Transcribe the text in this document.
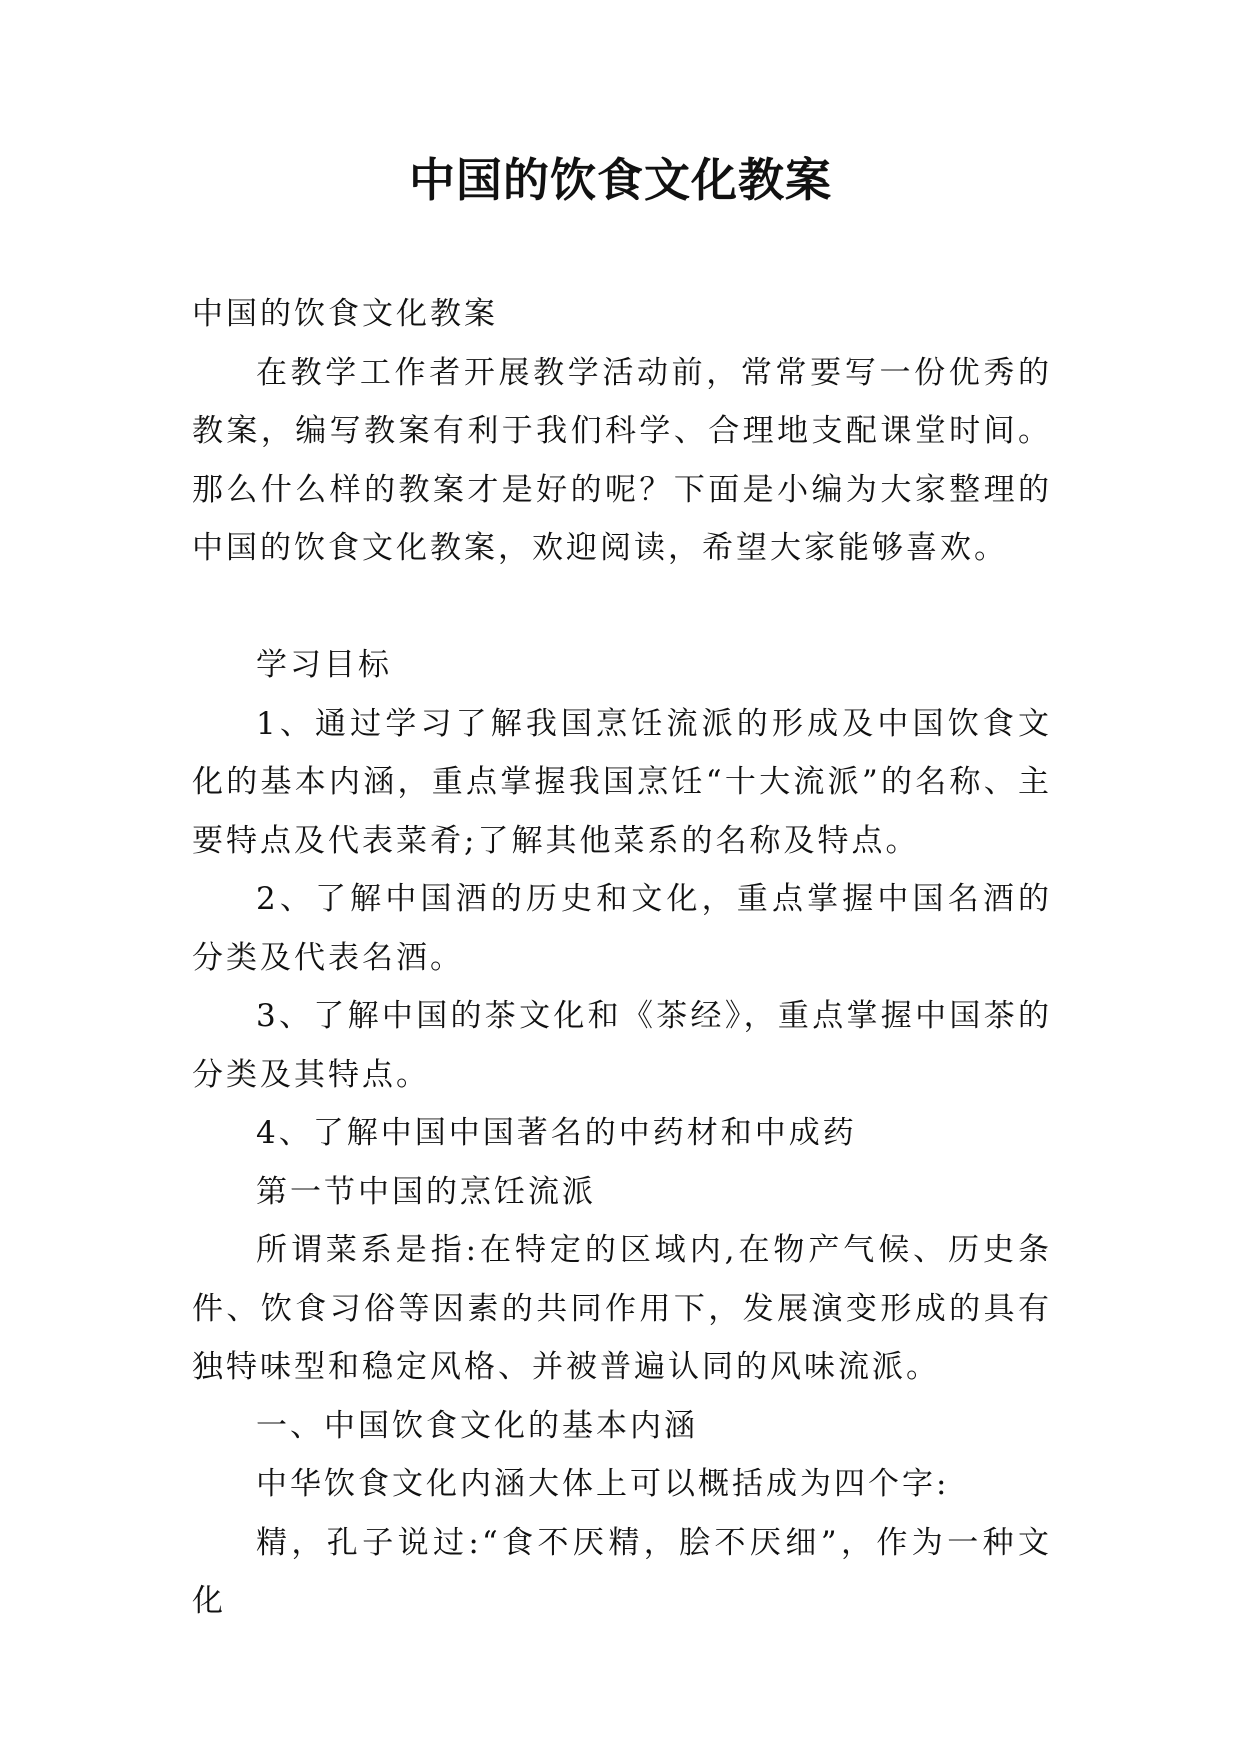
中国的饮食文化教案

中国的饮食文化教案

在教学工作者开展教学活动前，常常要写一份优秀的教案，编写教案有利于我们科学、合理地支配课堂时间。那么什么样的教案才是好的呢？下面是小编为大家整理的中国的饮食文化教案，欢迎阅读，希望大家能够喜欢。

学习目标

1、通过学习了解我国烹饪流派的形成及中国饮食文化的基本内涵，重点掌握我国烹饪“十大流派”的名称、主要特点及代表菜肴;了解其他菜系的名称及特点。

2、了解中国酒的历史和文化，重点掌握中国名酒的分类及代表名酒。

3、了解中国的茶文化和《茶经》，重点掌握中国茶的分类及其特点。

4、了解中国中国著名的中药材和中成药

第一节中国的烹饪流派

所谓菜系是指:在特定的区域内,在物产气候、历史条件、饮食习俗等因素的共同作用下，发展演变形成的具有独特味型和稳定风格、并被普遍认同的风味流派。

一、中国饮食文化的基本内涵

中华饮食文化内涵大体上可以概括成为四个字:

精，孔子说过:“食不厌精，脍不厌细”，作为一种文化
